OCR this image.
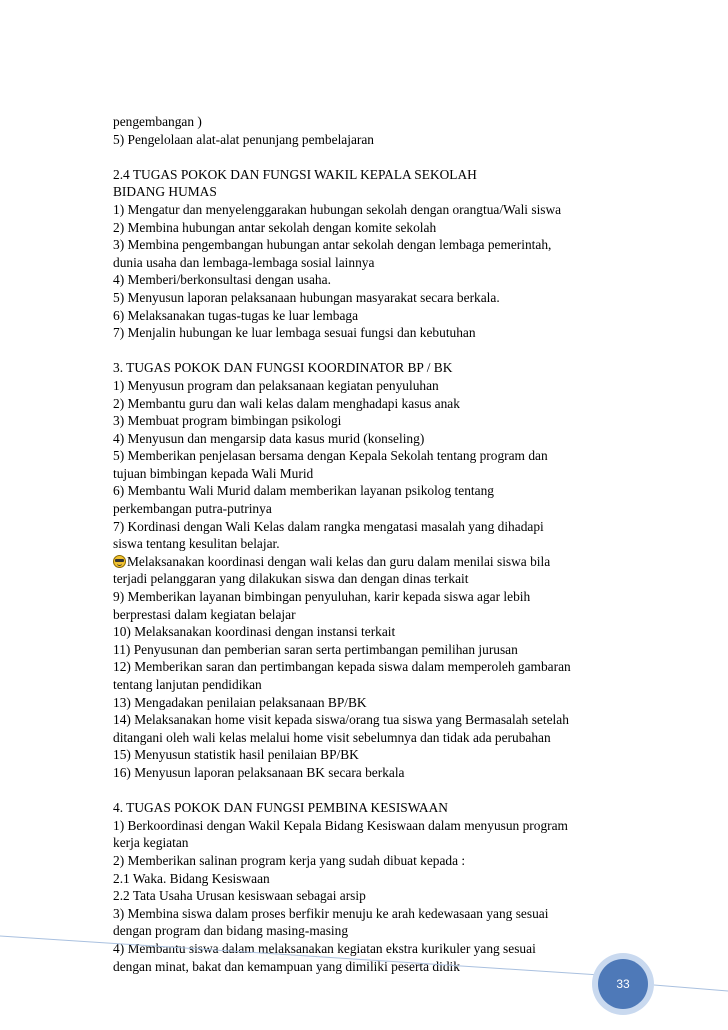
pengembangan )
5) Pengelolaan alat-alat penunjang pembelajaran
2.4 TUGAS POKOK DAN FUNGSI WAKIL KEPALA SEKOLAH
BIDANG HUMAS
1) Mengatur dan menyelenggarakan hubungan sekolah dengan orangtua/Wali siswa
2) Membina hubungan antar sekolah dengan komite sekolah
3) Membina pengembangan hubungan antar sekolah dengan lembaga pemerintah,
dunia usaha dan lembaga-lembaga sosial lainnya
4) Memberi/berkonsultasi dengan usaha.
5) Menyusun laporan pelaksanaan hubungan masyarakat secara berkala.
6) Melaksanakan tugas-tugas ke luar lembaga
7) Menjalin hubungan ke luar lembaga sesuai fungsi dan kebutuhan
3. TUGAS POKOK DAN FUNGSI KOORDINATOR BP / BK
1) Menyusun program dan pelaksanaan kegiatan penyuluhan
2) Membantu guru dan wali kelas dalam menghadapi kasus anak
3) Membuat program bimbingan psikologi
4) Menyusun dan mengarsip data kasus murid (konseling)
5) Memberikan penjelasan bersama dengan Kepala Sekolah tentang program dan
tujuan bimbingan kepada Wali Murid
6) Membantu Wali Murid dalam memberikan layanan psikolog tentang
perkembangan putra-putrinya
7) Kordinasi dengan Wali Kelas dalam rangka mengatasi masalah yang dihadapi
siswa tentang kesulitan belajar.
Melaksanakan koordinasi dengan wali kelas dan guru dalam menilai siswa bila
terjadi pelanggaran yang dilakukan siswa dan dengan dinas terkait
9) Memberikan layanan bimbingan penyuluhan, karir kepada siswa agar lebih
berprestasi dalam kegiatan belajar
10) Melaksanakan koordinasi dengan instansi terkait
11) Penyusunan dan pemberian saran serta pertimbangan pemilihan jurusan
12) Memberikan saran dan pertimbangan kepada siswa dalam memperoleh gambaran
tentang lanjutan pendidikan
13) Mengadakan penilaian pelaksanaan BP/BK
14) Melaksanakan home visit kepada siswa/orang tua siswa yang Bermasalah setelah
ditangani oleh wali kelas melalui home visit sebelumnya dan tidak ada perubahan
15) Menyusun statistik hasil penilaian BP/BK
16) Menyusun laporan pelaksanaan BK secara berkala
4. TUGAS POKOK DAN FUNGSI PEMBINA KESISWAAN
1) Berkoordinasi dengan Wakil Kepala Bidang Kesiswaan dalam menyusun program
kerja kegiatan
2) Memberikan salinan program kerja yang sudah dibuat kepada :
2.1 Waka. Bidang Kesiswaan
2.2 Tata Usaha Urusan kesiswaan sebagai arsip
3) Membina siswa dalam proses berfikir menuju ke arah kedewasaan yang sesuai
dengan program dan bidang masing-masing
4) Membantu siswa dalam melaksanakan kegiatan ekstra kurikuler yang sesuai
dengan minat, bakat dan kemampuan yang dimiliki peserta didik
33
